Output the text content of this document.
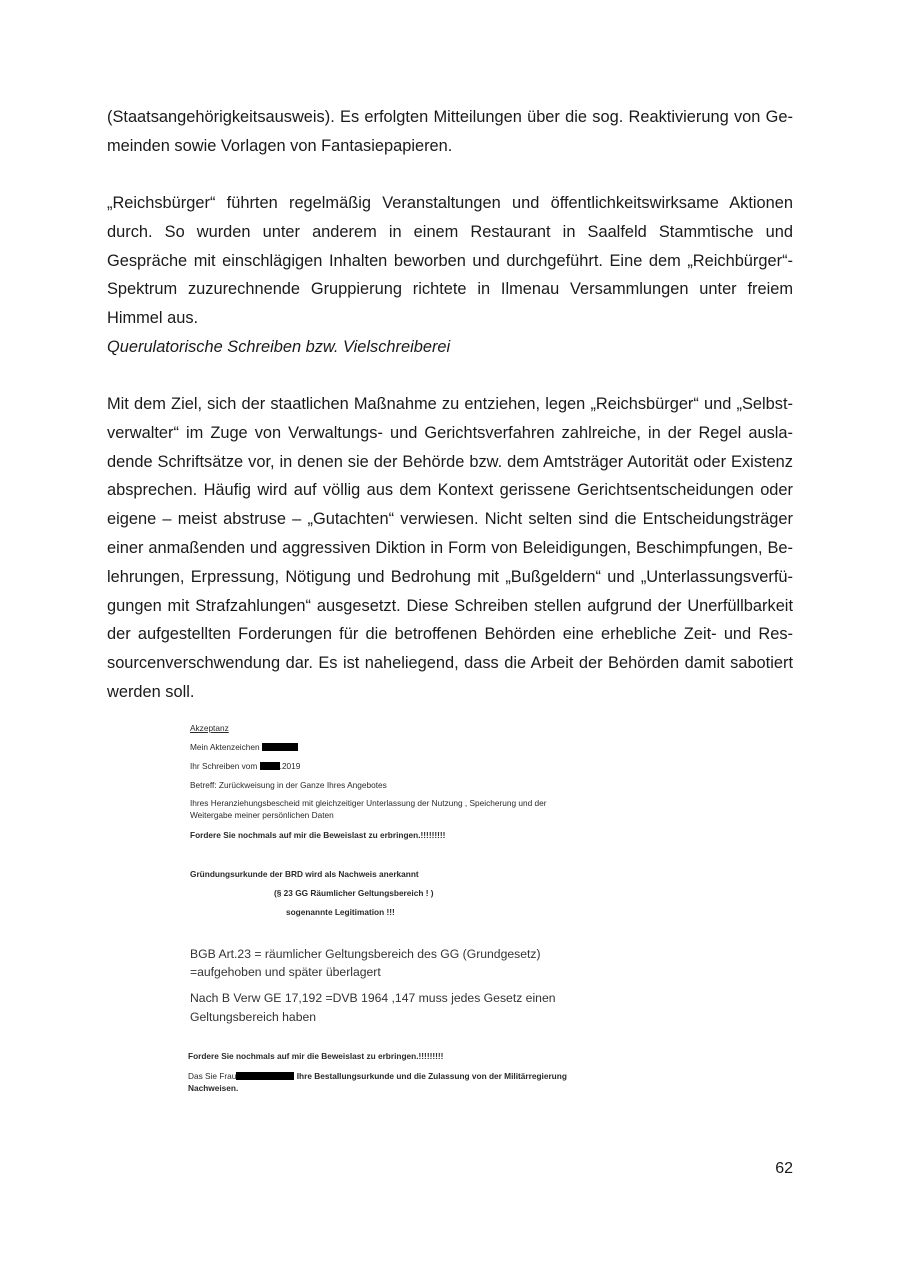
(Staatsangehörigkeitsausweis). Es erfolgten Mitteilungen über die sog. Reaktivierung von Gemeinden sowie Vorlagen von Fantasiepapieren.

„Reichsbürger“ führten regelmäßig Veranstaltungen und öffentlichkeitswirksame Aktionen durch. So wurden unter anderem in einem Restaurant in Saalfeld Stammtische und Gespräche mit einschlägigen Inhalten beworben und durchgeführt. Eine dem „Reichbürger“-Spektrum zuzurechnende Gruppierung richtete in Ilmenau Versammlungen unter freiem Himmel aus.

Querulatorische Schreiben bzw. Vielschreiberei

Mit dem Ziel, sich der staatlichen Maßnahme zu entziehen, legen „Reichsbürger“ und „Selbstverwalter“ im Zuge von Verwaltungs- und Gerichtsverfahren zahlreiche, in der Regel ausladende Schriftsätze vor, in denen sie der Behörde bzw. dem Amtsträger Autorität oder Existenz absprechen. Häufig wird auf völlig aus dem Kontext gerissene Gerichtsentscheidungen oder eigene – meist abstruse – „Gutachten“ verwiesen. Nicht selten sind die Entscheidungsträger einer anmaßenden und aggressiven Diktion in Form von Beleidigungen, Beschimpfungen, Belehrungen, Erpressung, Nötigung und Bedrohung mit „Bußgeldern“ und „Unterlassungsverfügungen mit Strafzahlungen“ ausgesetzt. Diese Schreiben stellen aufgrund der Unerfüllbarkeit der aufgestellten Forderungen für die betroffenen Behörden eine erhebliche Zeit- und Ressourcenverschwendung dar. Es ist naheliegend, dass die Arbeit der Behörden damit sabotiert werden soll.

Akzeptanz
Mein Aktenzeichen
Ihr Schreiben vom	.2019
Betreff: Zurückweisung in der Ganze Ihres Angebotes
Ihres Heranziehungsbescheid mit gleichzeitiger Unterlassung der Nutzung , Speicherung und der
Weitergabe meiner persönlichen Daten
Fordere Sie nochmals auf mir die Beweislast zu erbringen.!!!!!!!!!
Gründungsurkunde der BRD wird als Nachweis anerkannt
(§ 23 GG Räumlicher Geltungsbereich ! )
sogenannte Legitimation !!!
BGB Art.23 = räumlicher Geltungsbereich des GG (Grundgesetz)
=aufgehoben und später überlagert
Nach B Verw GE 17,192 =DVB 1964 ,147 muss jedes Gesetz einen
Geltungsbereich haben
Fordere Sie nochmals auf mir die Beweislast zu erbringen.!!!!!!!!!
Das Sie Frau	Ihre Bestallungsurkunde und die Zulassung von der Militärregierung
Nachweisen.
62
